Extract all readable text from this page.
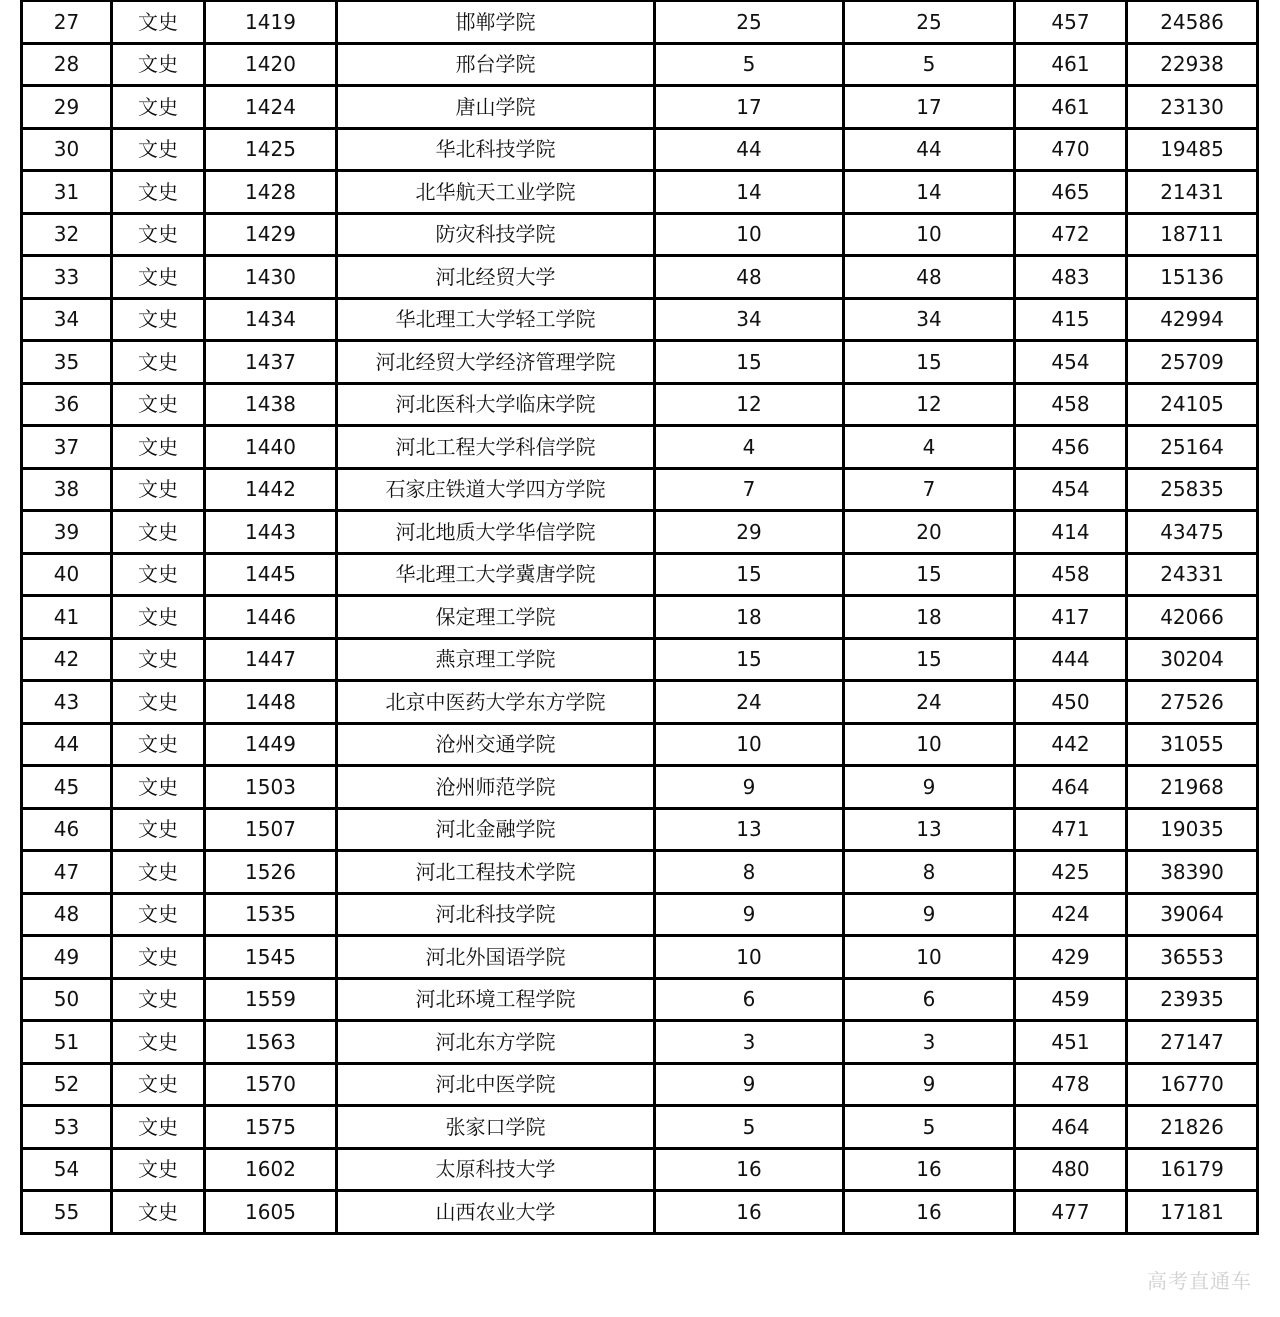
27	文史	1419	邯郸学院	25	25	457	24586
28	文史	1420	邢台学院	5	5	461	22938
29	文史	1424	唐山学院	17	17	461	23130
30	文史	1425	华北科技学院	44	44	470	19485
31	文史	1428	北华航天工业学院	14	14	465	21431
32	文史	1429	防灾科技学院	10	10	472	18711
33	文史	1430	河北经贸大学	48	48	483	15136
34	文史	1434	华北理工大学轻工学院	34	34	415	42994
35	文史	1437	河北经贸大学经济管理学院	15	15	454	25709
36	文史	1438	河北医科大学临床学院	12	12	458	24105
37	文史	1440	河北工程大学科信学院	4	4	456	25164
38	文史	1442	石家庄铁道大学四方学院	7	7	454	25835
39	文史	1443	河北地质大学华信学院	29	20	414	43475
40	文史	1445	华北理工大学冀唐学院	15	15	458	24331
41	文史	1446	保定理工学院	18	18	417	42066
42	文史	1447	燕京理工学院	15	15	444	30204
43	文史	1448	北京中医药大学东方学院	24	24	450	27526
44	文史	1449	沧州交通学院	10	10	442	31055
45	文史	1503	沧州师范学院	9	9	464	21968
46	文史	1507	河北金融学院	13	13	471	19035
47	文史	1526	河北工程技术学院	8	8	425	38390
48	文史	1535	河北科技学院	9	9	424	39064
49	文史	1545	河北外国语学院	10	10	429	36553
50	文史	1559	河北环境工程学院	6	6	459	23935
51	文史	1563	河北东方学院	3	3	451	27147
52	文史	1570	河北中医学院	9	9	478	16770
53	文史	1575	张家口学院	5	5	464	21826
54	文史	1602	太原科技大学	16	16	480	16179
55	文史	1605	山西农业大学	16	16	477	17181
高考直通车
